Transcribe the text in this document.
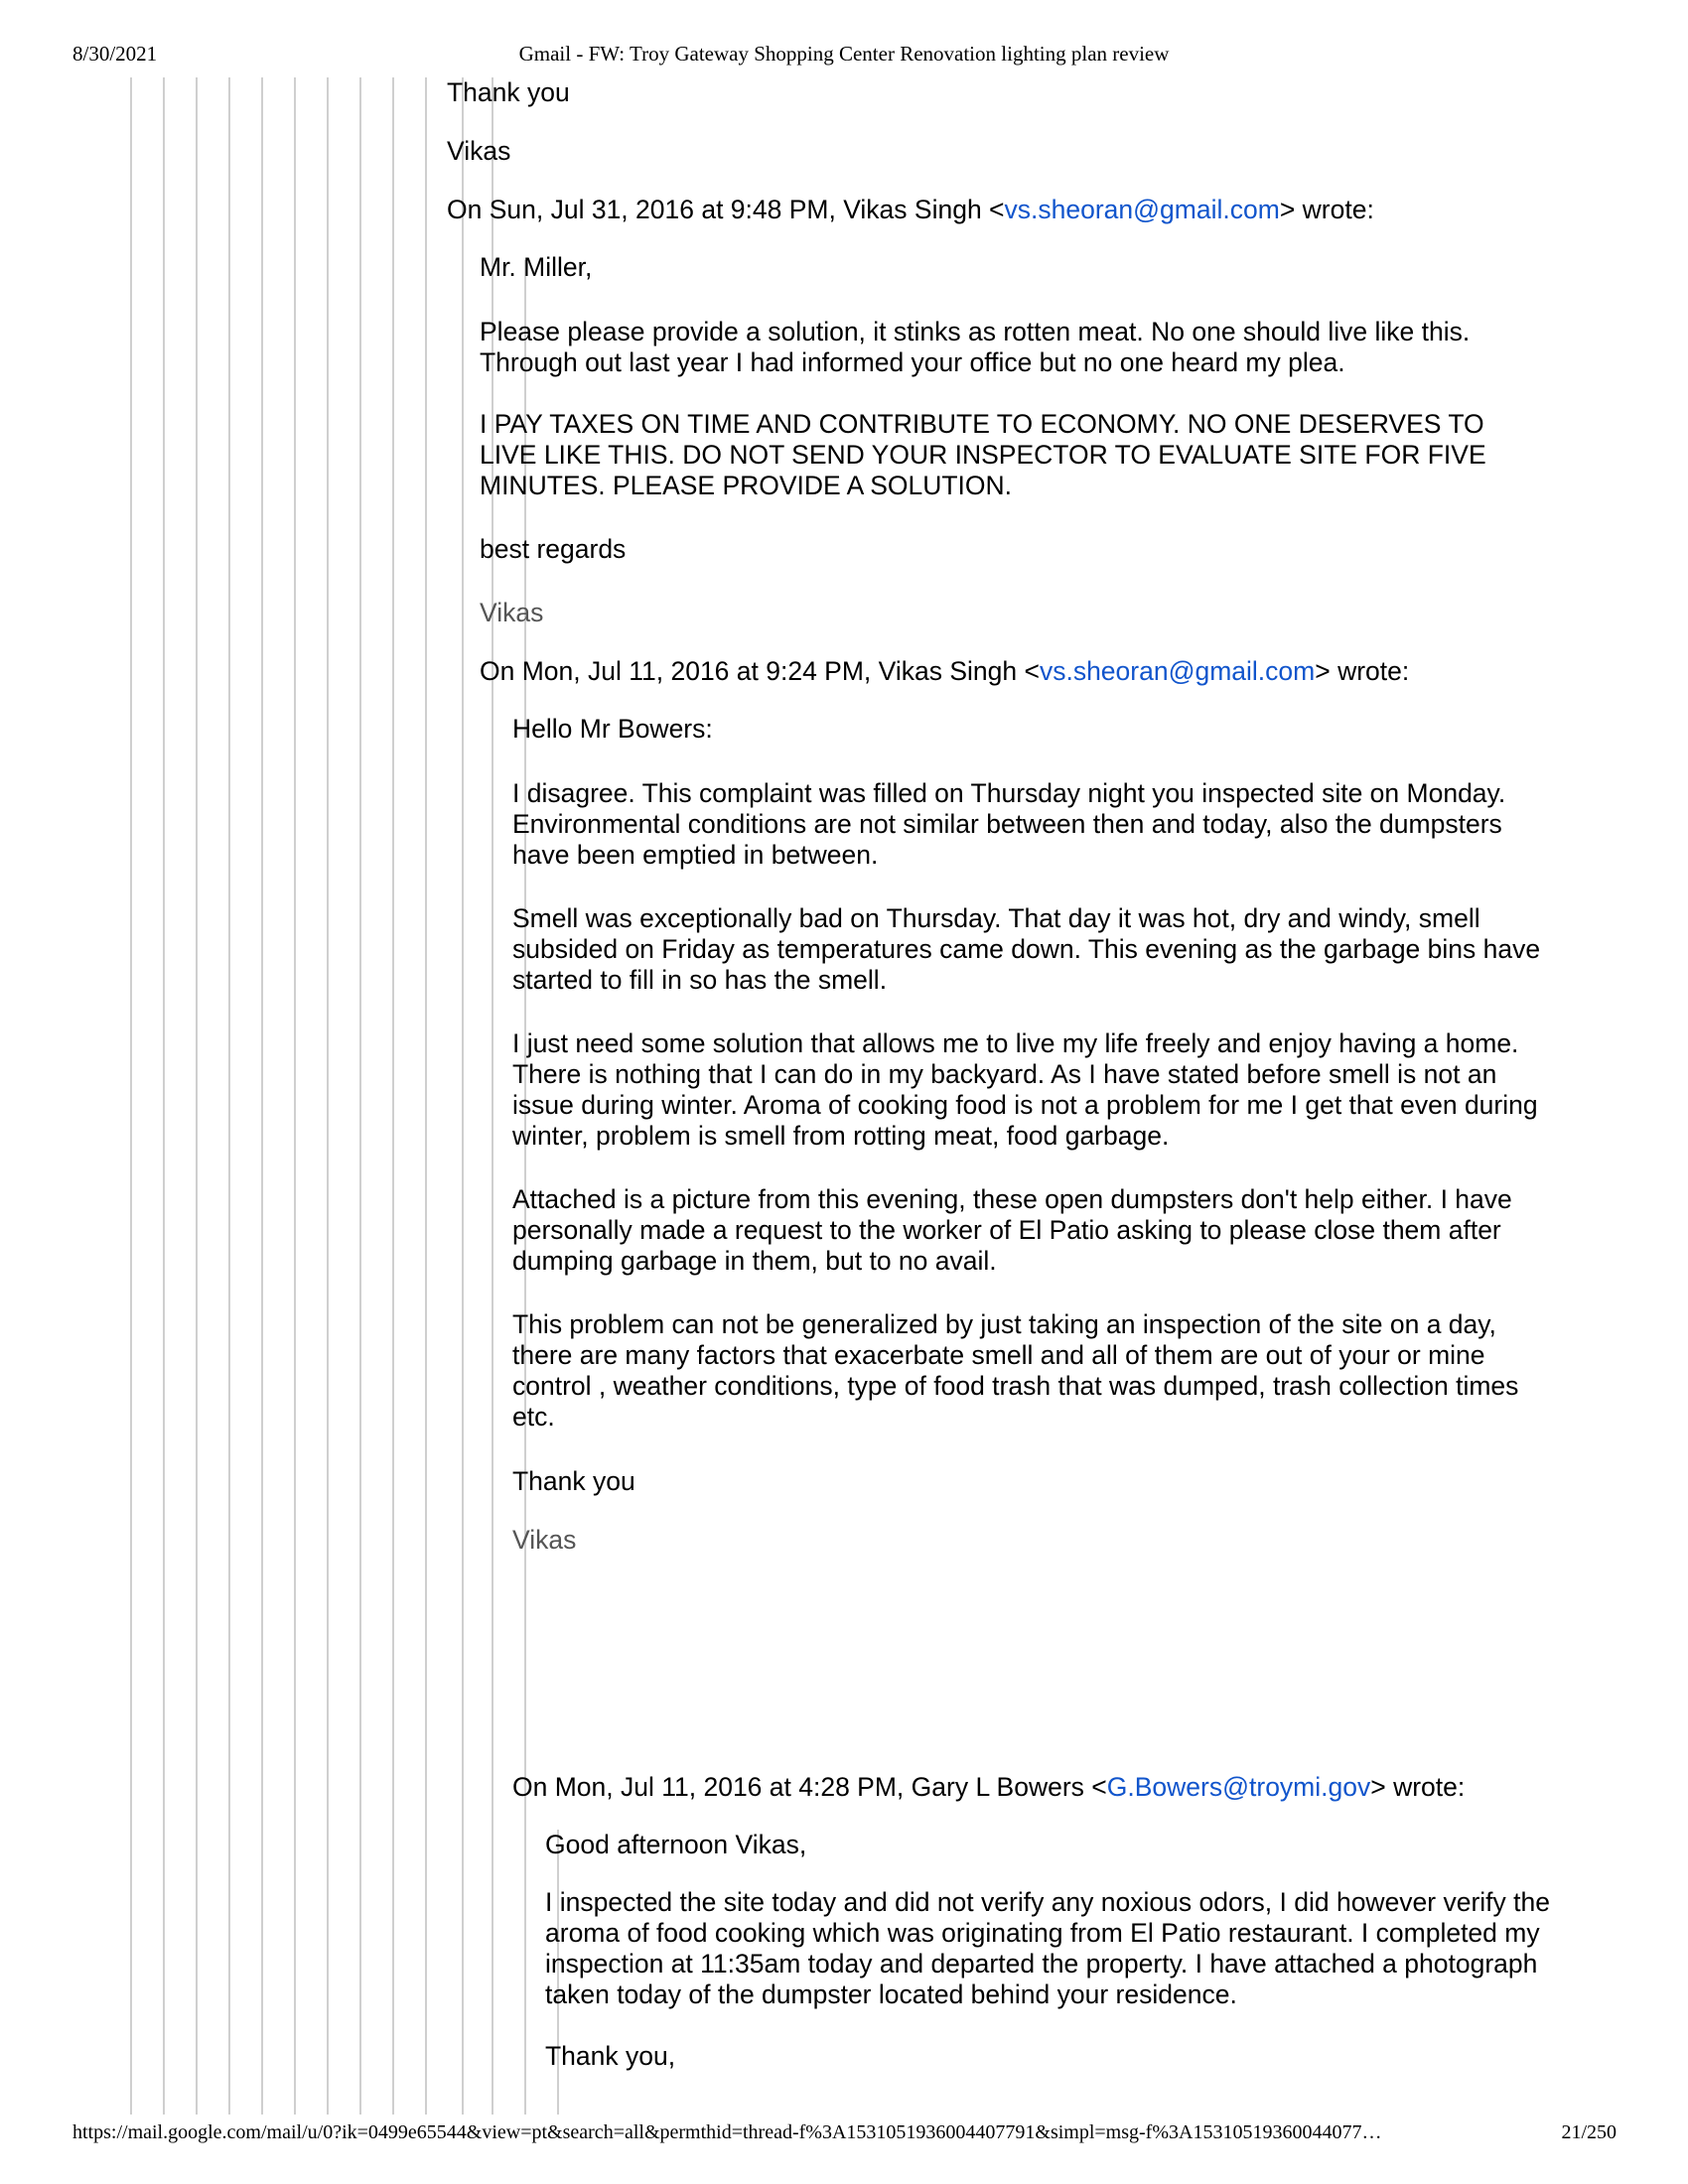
8/30/2021	Gmail - FW: Troy Gateway Shopping Center Renovation lighting plan review
Thank you
Vikas
On Sun, Jul 31, 2016 at 9:48 PM, Vikas Singh <vs.sheoran@gmail.com> wrote:
Mr. Miller,
Please please provide a solution, it stinks as rotten meat. No one should live like this.
Through out last year I had informed your office but no one heard my plea.
I PAY TAXES ON TIME AND CONTRIBUTE TO ECONOMY. NO ONE DESERVES TO
LIVE LIKE THIS. DO NOT SEND YOUR INSPECTOR TO EVALUATE SITE FOR FIVE
MINUTES. PLEASE PROVIDE A SOLUTION.
best regards
Vikas
On Mon, Jul 11, 2016 at 9:24 PM, Vikas Singh <vs.sheoran@gmail.com> wrote:
Hello Mr Bowers:
I disagree. This complaint was filled on Thursday night you inspected site on Monday.
Environmental conditions are not similar between then and today, also the dumpsters
have been emptied in between.
Smell was exceptionally bad on Thursday. That day it was hot, dry and windy, smell
subsided on Friday as temperatures came down. This evening as the garbage bins have
started to fill in so has the smell.
I just need some solution that allows me to live my life freely and enjoy having a home.
There is nothing that I can do in my backyard. As I have stated before smell is not an
issue during winter. Aroma of cooking food is not a problem for me I get that even during
winter, problem is smell from rotting meat, food garbage.
Attached is a picture from this evening, these open dumpsters don't help either. I have
personally made a request to the worker of El Patio asking to please close them after
dumping garbage in them, but to no avail.
This problem can not be generalized by just taking an inspection of the site on a day,
there are many factors that exacerbate smell and all of them are out of your or mine
control , weather conditions, type of food trash that was dumped, trash collection times
etc.
Thank you
Vikas
On Mon, Jul 11, 2016 at 4:28 PM, Gary L Bowers <G.Bowers@troymi.gov> wrote:
Good afternoon Vikas,
I inspected the site today and did not verify any noxious odors, I did however verify the
aroma of food cooking which was originating from El Patio restaurant. I completed my
inspection at 11:35am today and departed the property. I have attached a photograph
taken today of the dumpster located behind your residence.
Thank you,
https://mail.google.com/mail/u/0?ik=0499e65544&view=pt&search=all&permthid=thread-f%3A1531051936004407791&simpl=msg-f%3A15310519360044077…	21/250
